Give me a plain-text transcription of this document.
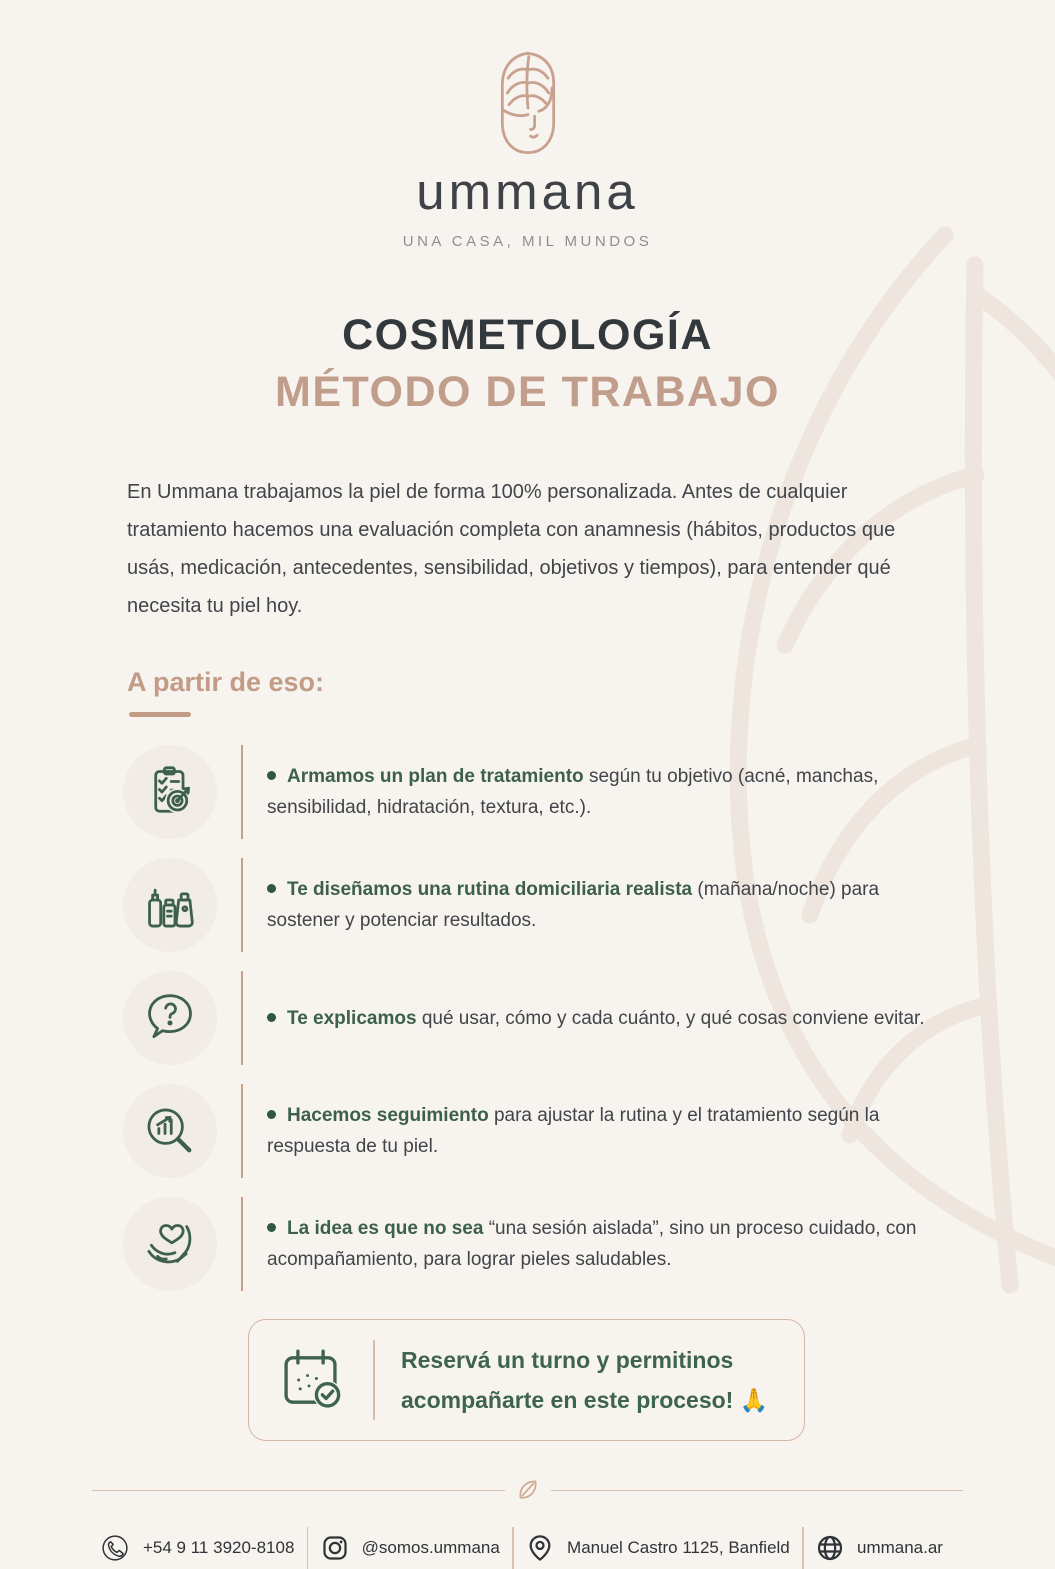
ummana
UNA CASA, MIL MUNDOS
COSMETOLOGÍA
MÉTODO DE TRABAJO

En Ummana trabajamos la piel de forma 100% personalizada. Antes de cualquier tratamiento hacemos una evaluación completa con anamnesis (hábitos, productos que usás, medicación, antecedentes, sensibilidad, objetivos y tiempos), para entender qué necesita tu piel hoy.

A partir de eso:
Armamos un plan de tratamiento según tu objetivo (acné, manchas, sensibilidad, hidratación, textura, etc.).
Te diseñamos una rutina domiciliaria realista (mañana/noche) para sostener y potenciar resultados.
Te explicamos qué usar, cómo y cada cuánto, y qué cosas conviene evitar.
Hacemos seguimiento para ajustar la rutina y el tratamiento según la respuesta de tu piel.
La idea es que no sea “una sesión aislada”, sino un proceso cuidado, con acompañamiento, para lograr pieles saludables.
Reservá un turno y permitinos
acompañarte en este proceso! 🙏
+54 9 11 3920-8108	@somos.ummana	Manuel Castro 1125, Banfield	ummana.ar
